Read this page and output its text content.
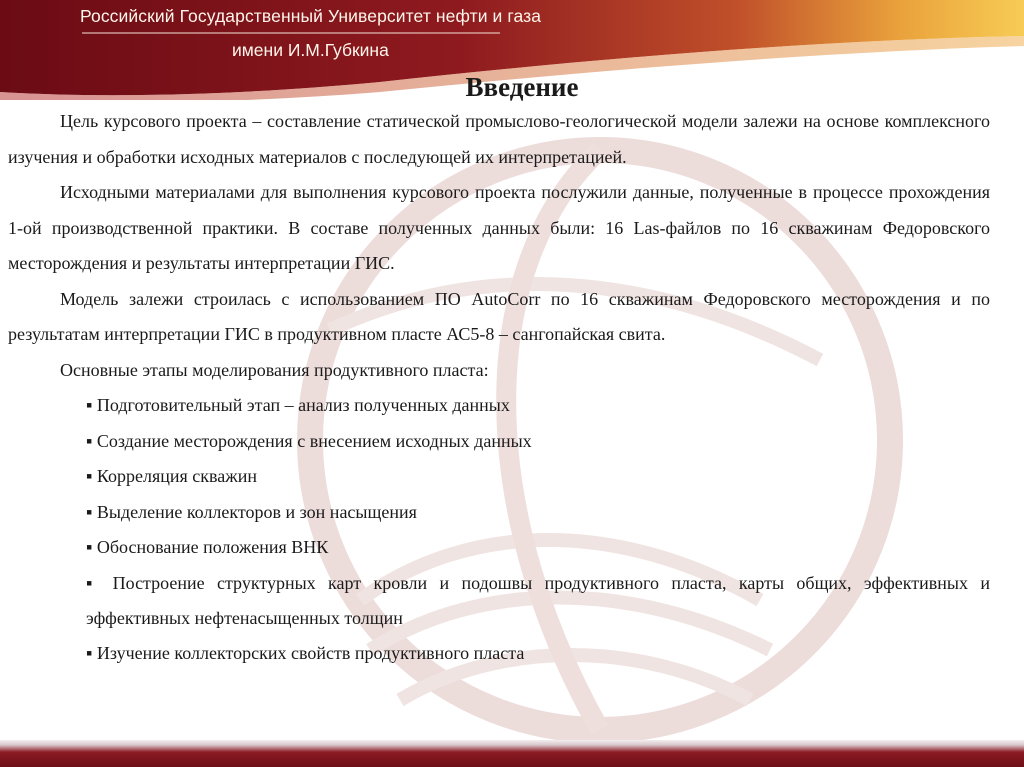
Российский Государственный Университет нефти и газа
имени И.М.Губкина
Введение

Цель курсового проекта – составление статической промыслово-геологической модели залежи на основе комплексного изучения и обработки исходных материалов с последующей их интерпретацией.

Исходными материалами для выполнения курсового проекта послужили данные, полученные в процессе прохождения 1-ой производственной практики. В составе полученных данных были: 16 Las-файлов по 16 скважинам Федоровского месторождения и результаты интерпретации ГИС.

Модель залежи строилась с использованием ПО AutoCorr по 16 скважинам Федоровского месторождения и по результатам интерпретации ГИС в продуктивном пласте АС5-8 – сангопайская свита.

Основные этапы моделирования продуктивного пласта:

▪ Подготовительный этап – анализ полученных данных
▪ Создание месторождения с внесением исходных данных
▪ Корреляция скважин
▪ Выделение коллекторов и зон насыщения
▪ Обоснование положения ВНК
▪ Построение структурных карт кровли и подошвы продуктивного пласта, карты общих, эффективных и эффективных нефтенасыщенных толщин
▪ Изучение коллекторских свойств продуктивного пласта
